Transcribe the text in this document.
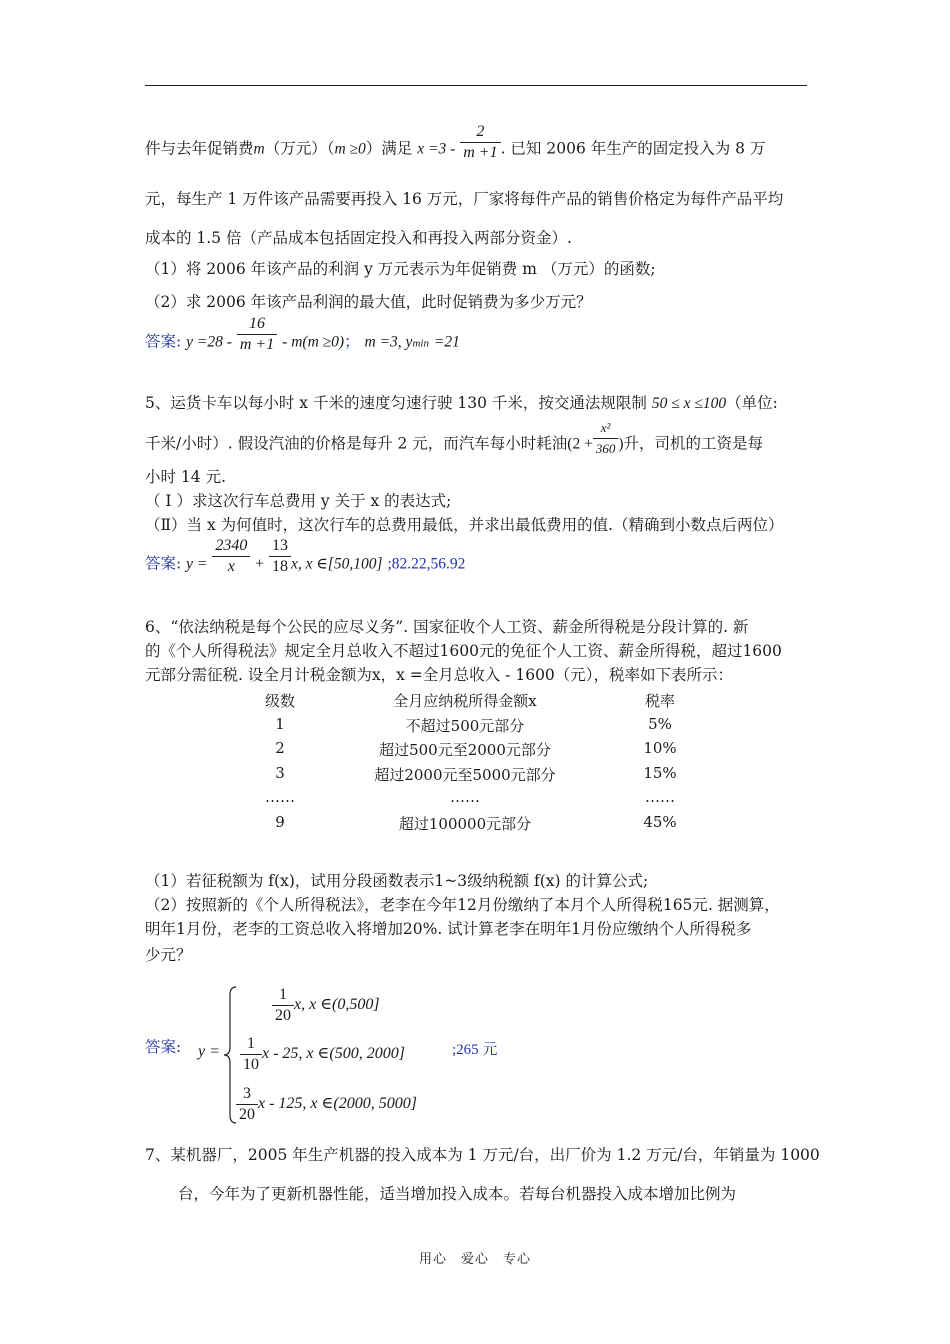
件与去年促销费m（万元）（m ≥0）满足 $x =3 - \frac{2}{m +1}$ . 已知 2006 年生产的固定投入为 8 万
元，每生产 1 万件该产品需要再投入 16 万元，厂家将每件产品的销售价格定为每件产品平均
成本的 1.5 倍（产品成本包括固定投入和再投入两部分资金）.
（1）将 2006 年该产品的利润 y 万元表示为年促销费 m （万元）的函数;
（2）求 2006 年该产品利润的最大值，此时促销费为多少万元？
答案: $y =28 - \frac{16}{m +1} - m(m \ge 0)$； m =3, ymin =21
5、运货卡车以每小时 x 千米的速度匀速行驶 130 千米，按交通法规限制 50 ≤ x ≤100（单位:
千米/小时）. 假设汽油的价格是每升 2 元，而汽车每小时耗油($2 + \frac{\text{x²}}{360}$ )升，司机的工资是每
小时 14 元.
（ Ⅰ ）求这次行车总费用 y 关于 x 的表达式;
（Ⅱ）当 x 为何值时，这次行车的总费用最低，并求出最低费用的值.（精确到小数点后两位）
答案: $y = \frac{2340}{x} + \frac{13}{18} x$, x ∈[50,100] ;82.22,56.92
6、“依法纳税是每个公民的应尽义务”. 国家征收个人工资、薪金所得税是分段计算的. 新
的《个人所得税法》规定全月总收入不超过1600元的免征个人工资、薪金所得税，超过1600
元部分需征税. 设全月计税金额为x，x =全月总收入 - 1600（元），税率如下表所示：
级数	全月应纳税所得金额x	税率
1	不超过500元部分	5%
2	超过500元至2000元部分	10%
3	超过2000元至5000元部分	15%
……	……	……
9	超过100000元部分	45%
（1）若征税额为 f(x)，试用分段函数表示1~3级纳税额 f(x) 的计算公式;
（2）按照新的《个人所得税法》，老李在今年12月份缴纳了本月个人所得税165元. 据测算，
明年1月份，老李的工资总收入将增加20%. 试计算老李在明年1月份应缴纳个人所得税多
少元？
答案: y =
$\frac{1}{20} x$, x ∈(0,500]
$\frac{1}{10}$ x - 25, x ∈(500, 2000]
$\frac{3}{20}$ x - 125, x ∈(2000, 5000]
;265 元
7、某机器厂，2005 年生产机器的投入成本为 1 万元/台，出厂价为 1.2 万元/台，年销量为 1000
台，今年为了更新机器性能，适当增加投入成本。若每台机器投入成本增加比例为
用心　爱心　专心
